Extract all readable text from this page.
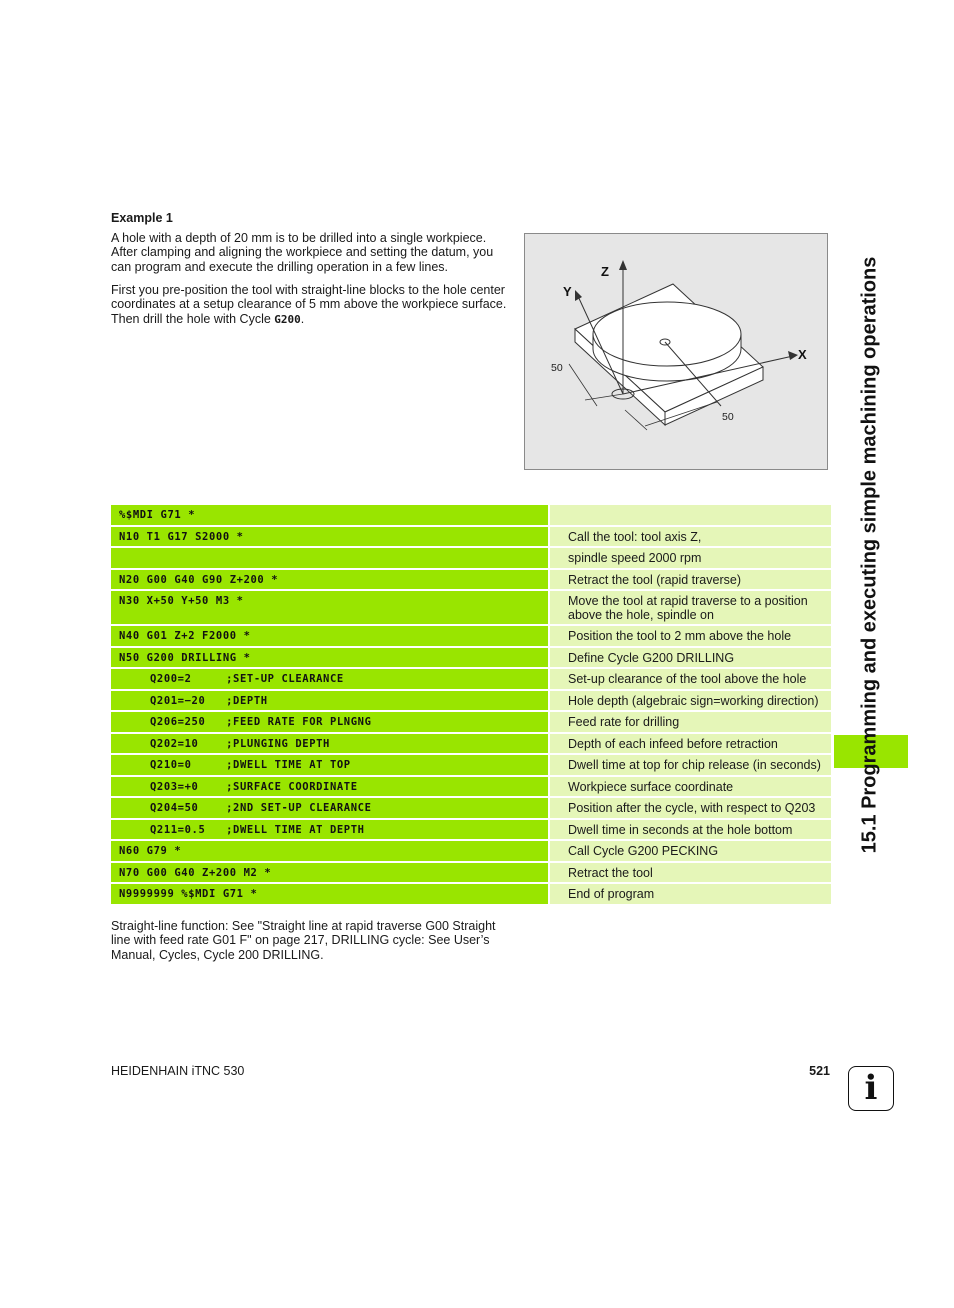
Example 1
A hole with a depth of 20 mm is to be drilled into a single workpiece. After clamping and aligning the workpiece and setting the datum, you can program and execute the drilling operation in a few lines.
First you pre-position the tool with straight-line blocks to the hole center coordinates at a setup clearance of 5 mm above the workpiece surface. Then drill the hole with Cycle G200.
Z
Y
X
50
50
%$MDI G71 *		
N10 T1 G17 S2000 *		Call the tool: tool axis Z,
		spindle speed 2000 rpm
N20 G00 G40 G90 Z+200 *		Retract the tool (rapid traverse)
N30 X+50 Y+50 M3 *		Move the tool at rapid traverse to a position above the hole, spindle on
N40 G01 Z+2 F2000 *		Position the tool to 2 mm above the hole
N50 G200 DRILLING *		Define Cycle G200 DRILLING
Q200=2     ;SET-UP CLEARANCE		Set-up clearance of the tool above the hole
Q201=−20   ;DEPTH		Hole depth (algebraic sign=working direction)
Q206=250   ;FEED RATE FOR PLNGNG		Feed rate for drilling
Q202=10    ;PLUNGING DEPTH		Depth of each infeed before retraction
Q210=0     ;DWELL TIME AT TOP		Dwell time at top for chip release (in seconds)
Q203=+0    ;SURFACE COORDINATE		Workpiece surface coordinate
Q204=50    ;2ND SET-UP CLEARANCE		Position after the cycle, with respect to Q203
Q211=0.5   ;DWELL TIME AT DEPTH		Dwell time in seconds at the hole bottom
N60 G79 *		Call Cycle G200 PECKING
N70 G00 G40 Z+200 M2 *		Retract the tool
N9999999 %$MDI G71 *		End of program
Straight-line function: See "Straight line at rapid traverse G00 Straight line with feed rate G01 F" on page 217, DRILLING cycle: See User’s Manual, Cycles, Cycle 200 DRILLING.
HEIDENHAIN iTNC 530	521
15.1 Programming and executing simple machining operations
i
